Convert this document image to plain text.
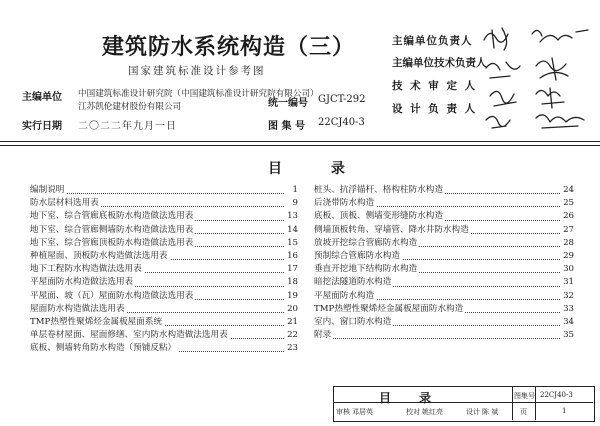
建筑防水系统构造（三）
国家建筑标准设计参考图
主编单位 中国建筑标准设计研究院（中国建筑标准设计研究院有限公司）
江苏凯伦建材股份有限公司
实行日期 二〇二二年九月一日
统一编号 GJCT-292
图 集 号 22CJ40-3
主编单位负责人
主编单位技术负责人
技 术 审 定 人
设 计 负 责 人
目 录
编制说明	1
防水层材料选用表	9
地下室、综合管廊底板防水构造做法选用表	13
地下室、综合管廊侧墙防水构造做法选用表	14
地下室、综合管廊顶板防水构造做法选用表	15
种植屋面、顶板防水构造做法选用表	16
地下工程防水构造做法选用表	17
平屋面防水构造做法选用表	18
平屋面、坡（瓦）屋面防水构造做法选用表	19
屋面防水构造做法选用表	20
TMP热塑性聚烯烃金属板屋面系统	21
单层卷材屋面、屋面修缮、室内防水构造做法选用表	22
底板、侧墙转角防水构造（预铺反粘）	23
桩头、抗浮锚杆、格构柱防水构造	24
后浇带防水构造	25
底板、顶板、侧墙变形缝防水构造	26
侧墙顶板转角、穿墙管、降水井防水构造	27
放坡开挖综合管廊防水构造	28
预制综合管廊防水构造	29
垂直开挖地下结构防水构造	30
暗挖法隧道防水构造	31
平屋面防水构造	32
TMP热塑性聚烯烃金属板屋面防水构造	33
室内、窗口防水构造	34
附录	35
目 录	图集号 22CJ40-3
页	1
审核 邓居英	校对 姚红亮	设计 陈 斌
